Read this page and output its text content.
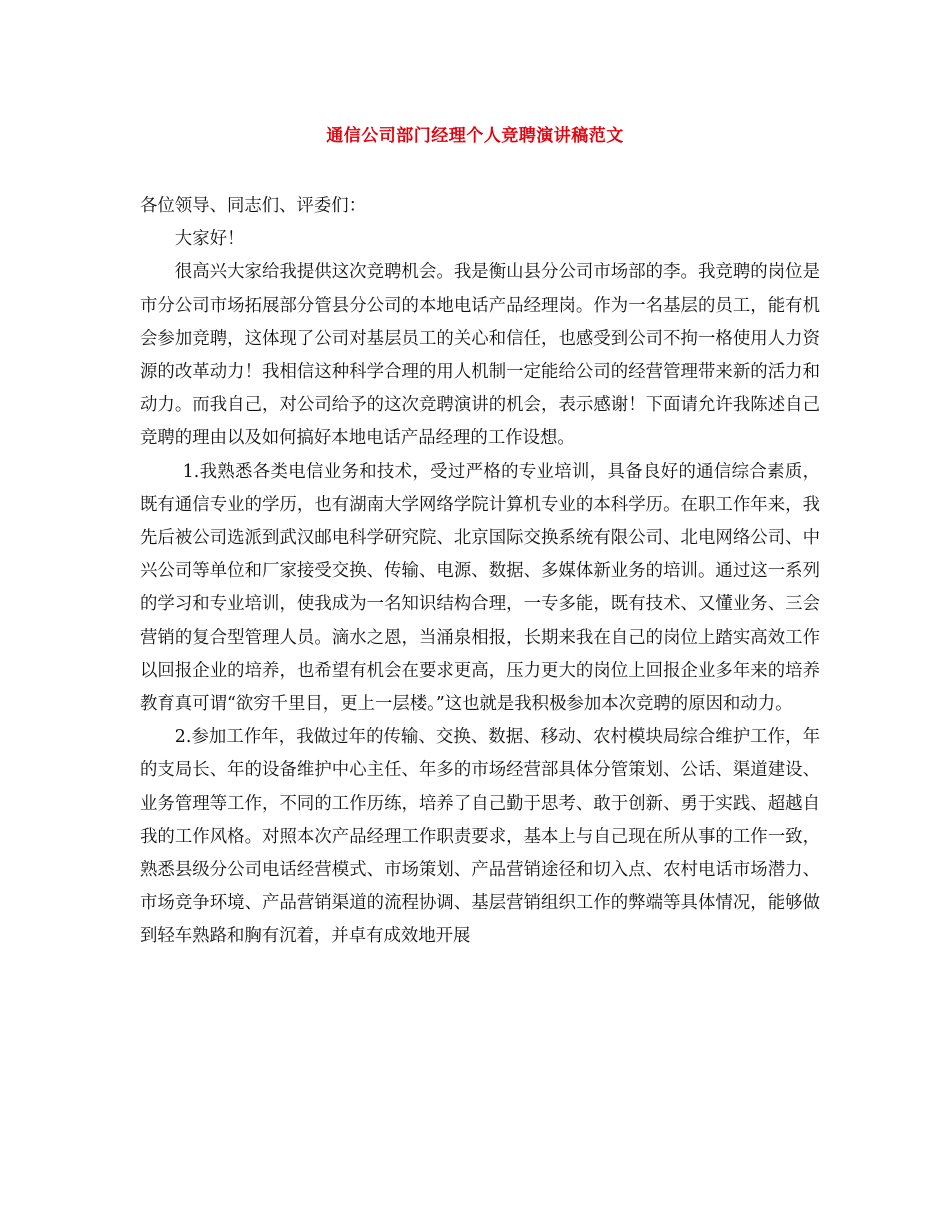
通信公司部门经理个人竞聘演讲稿范文

各位领导、同志们、评委们：

大家好！

很高兴大家给我提供这次竞聘机会。我是衡山县分公司市场部的李。我竞聘的岗位是市分公司市场拓展部分管县分公司的本地电话产品经理岗。作为一名基层的员工，能有机会参加竞聘，这体现了公司对基层员工的关心和信任，也感受到公司不拘一格使用人力资源的改革动力！我相信这种科学合理的用人机制一定能给公司的经营管理带来新的活力和动力。而我自己，对公司给予的这次竞聘演讲的机会，表示感谢！下面请允许我陈述自己竞聘的理由以及如何搞好本地电话产品经理的工作设想。

1.我熟悉各类电信业务和技术，受过严格的专业培训，具备良好的通信综合素质，既有通信专业的学历，也有湖南大学网络学院计算机专业的本科学历。在职工作年来，我先后被公司选派到武汉邮电科学研究院、北京国际交换系统有限公司、北电网络公司、中兴公司等单位和厂家接受交换、传输、电源、数据、多媒体新业务的培训。通过这一系列的学习和专业培训，使我成为一名知识结构合理，一专多能，既有技术、又懂业务、三会营销的复合型管理人员。滴水之恩，当涌泉相报，长期来我在自己的岗位上踏实高效工作以回报企业的培养，也希望有机会在要求更高，压力更大的岗位上回报企业多年来的培养教育真可谓“欲穷千里目，更上一层楼。”这也就是我积极参加本次竞聘的原因和动力。

2.参加工作年，我做过年的传输、交换、数据、移动、农村模块局综合维护工作，年的支局长、年的设备维护中心主任、年多的市场经营部具体分管策划、公话、渠道建设、业务管理等工作，不同的工作历练，培养了自己勤于思考、敢于创新、勇于实践、超越自我的工作风格。对照本次产品经理工作职责要求，基本上与自己现在所从事的工作一致，熟悉县级分公司电话经营模式、市场策划、产品营销途径和切入点、农村电话市场潜力、市场竞争环境、产品营销渠道的流程协调、基层营销组织工作的弊端等具体情况，能够做到轻车熟路和胸有沉着，并卓有成效地开展
